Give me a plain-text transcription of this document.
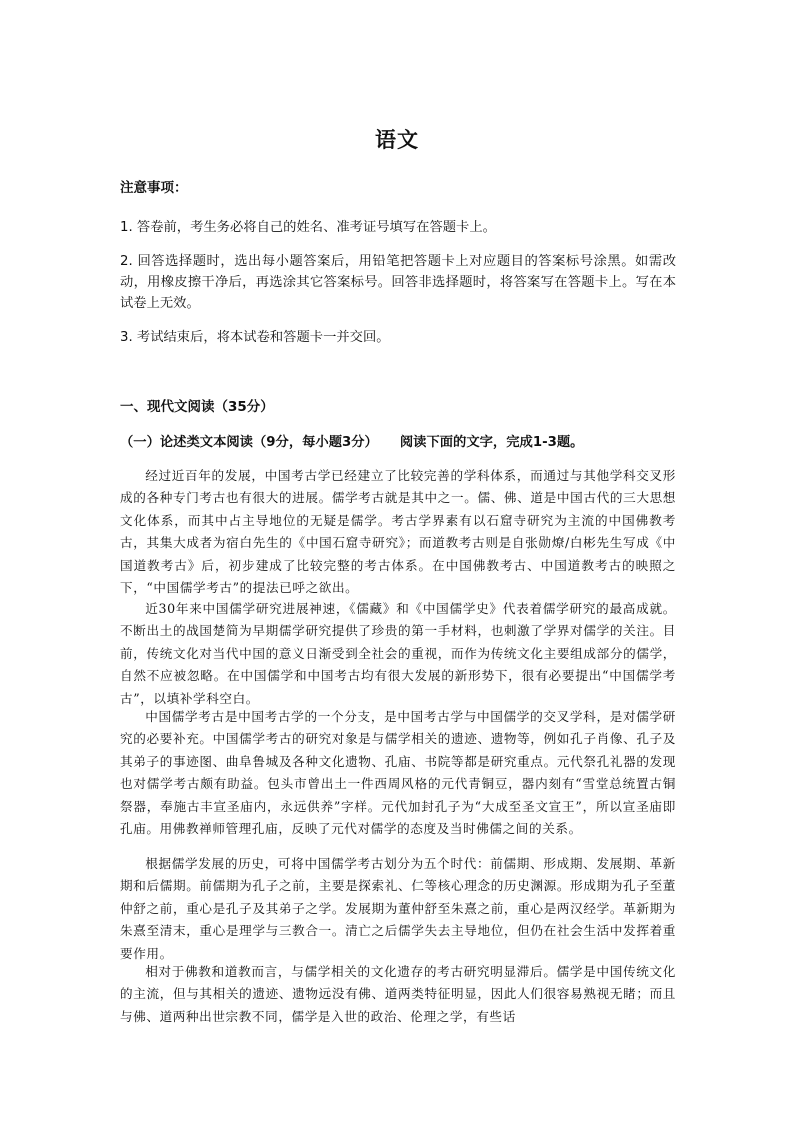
语文
注意事项：
1. 答卷前，考生务必将自己的姓名、准考证号填写在答题卡上。
2. 回答选择题时，选出每小题答案后，用铅笔把答题卡上对应题目的答案标号涂黑。如需改动，用橡皮擦干净后，再选涂其它答案标号。回答非选择题时，将答案写在答题卡上。写在本试卷上无效。
3. 考试结束后，将本试卷和答题卡一并交回。
一、现代文阅读（35分）
（一）论述类文本阅读（9分，每小题3分） 阅读下面的文字，完成1-3题。
经过近百年的发展，中国考古学已经建立了比较完善的学科体系，而通过与其他学科交叉形成的各种专门考古也有很大的进展。儒学考古就是其中之一。儒、佛、道是中国古代的三大思想文化体系，而其中占主导地位的无疑是儒学。考古学界素有以石窟寺研究为主流的中国佛教考古，其集大成者为宿白先生的《中国石窟寺研究》；而道教考古则是自张勋燎/白彬先生写成《中国道教考古》后，初步建成了比较完整的考古体系。在中国佛教考古、中国道教考古的映照之下，“中国儒学考古”的提法已呼之欲出。
近30年来中国儒学研究进展神速，《儒藏》和《中国儒学史》代表着儒学研究的最高成就。不断出土的战国楚简为早期儒学研究提供了珍贵的第一手材料，也刺激了学界对儒学的关注。目前，传统文化对当代中国的意义日渐受到全社会的重视，而作为传统文化主要组成部分的儒学，自然不应被忽略。在中国儒学和中国考古均有很大发展的新形势下，很有必要提出“中国儒学考古”，以填补学科空白。
中国儒学考古是中国考古学的一个分支，是中国考古学与中国儒学的交叉学科，是对儒学研究的必要补充。中国儒学考古的研究对象是与儒学相关的遗迹、遗物等，例如孔子肖像、孔子及其弟子的事迹图、曲阜鲁城及各种文化遗物、孔庙、书院等都是研究重点。元代祭孔礼器的发现也对儒学考古颇有助益。包头市曾出土一件西周风格的元代青铜豆，器内刻有“雪堂总统置古铜祭器，奉施古丰宣圣庙内，永远供养”字样。元代加封孔子为“大成至圣文宣王”，所以宣圣庙即孔庙。用佛教禅师管理孔庙，反映了元代对儒学的态度及当时佛儒之间的关系。
根据儒学发展的历史，可将中国儒学考古划分为五个时代：前儒期、形成期、发展期、革新期和后儒期。前儒期为孔子之前，主要是探索礼、仁等核心理念的历史渊源。形成期为孔子至董仲舒之前，重心是孔子及其弟子之学。发展期为董仲舒至朱熹之前，重心是两汉经学。革新期为朱熹至清末，重心是理学与三教合一。清亡之后儒学失去主导地位，但仍在社会生活中发挥着重要作用。
相对于佛教和道教而言，与儒学相关的文化遗存的考古研究明显滞后。儒学是中国传统文化的主流，但与其相关的遗迹、遗物远没有佛、道两类特征明显，因此人们很容易熟视无睹；而且与佛、道两种出世宗教不同，儒学是入世的政治、伦理之学，有些话
